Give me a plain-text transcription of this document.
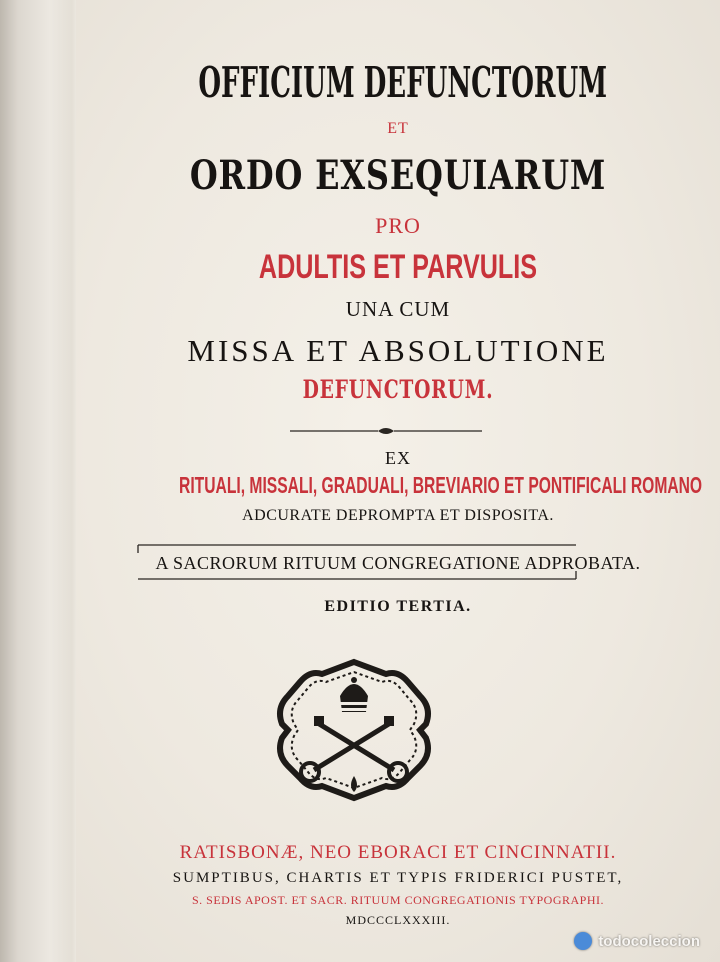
OFFICIUM DEFUNCTORUM
ET
ORDO EXSEQUIARUM
PRO
ADULTIS ET PARVULIS
UNA CUM
MISSA ET ABSOLUTIONE
DEFUNCTORUM.
EX
RITUALI, MISSALI, GRADUALI, BREVIARIO ET PONTIFICALI ROMANO
ADCURATE DEPROMPTA ET DISPOSITA.
A SACRORUM RITUUM CONGREGATIONE ADPROBATA.
EDITIO TERTIA.
RATISBONÆ, NEO EBORACI ET CINCINNATII.
SUMPTIBUS, CHARTIS ET TYPIS FRIDERICI PUSTET,
S. SEDIS APOST. ET SACR. RITUUM CONGREGATIONIS TYPOGRAPHI.
MDCCCLXXXIII.
todocoleccion
